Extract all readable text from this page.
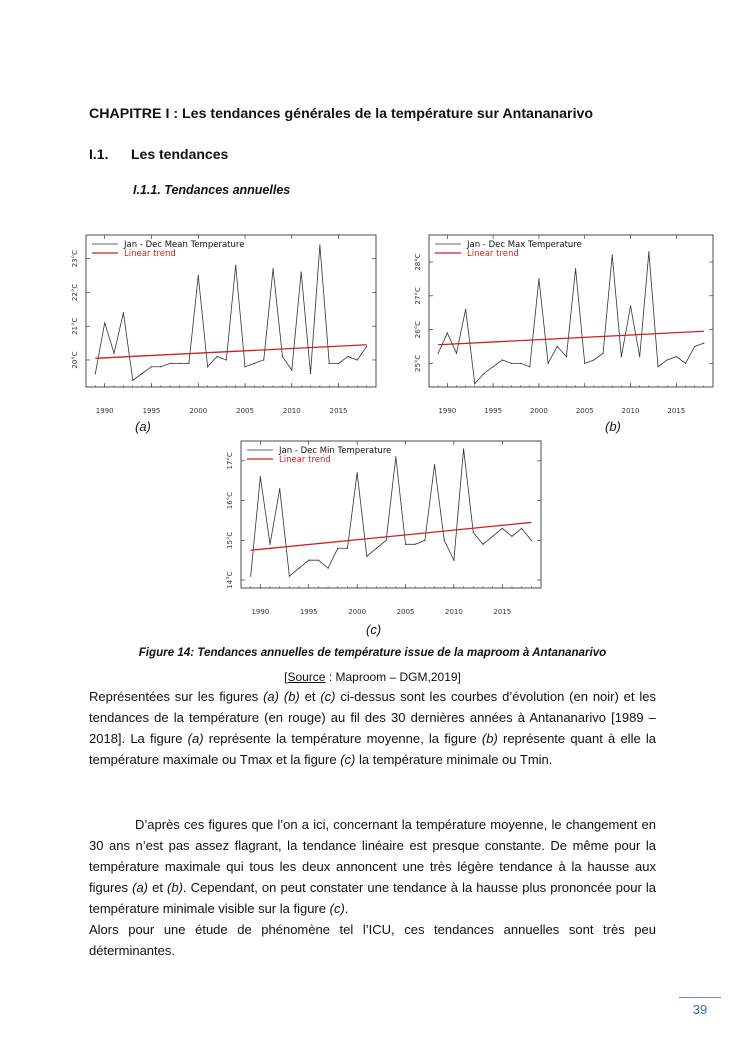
CHAPITRE I : Les tendances générales de la température sur Antananarivo
I.1. Les tendances
I.1.1. Tendances annuelles
1990	1995	2000	2005	2010	2015
20°C
21°C
22°C
23°C
Jan - Dec Mean Temperature
Linear trend
(a)
1990	1995	2000	2005	2010	2015
25°C
26°C
27°C
28°C
Jan - Dec Max Temperature
Linear trend
(b)
1990	1995	2000	2005	2010	2015
14°C
15°C
16°C
17°C
Jan - Dec Min Temperature
Linear trend
(c)
Figure 14: Tendances annuelles de température issue de la maproom à Antananarivo
[Source : Maproom – DGM,2019]

Représentées sur les figures (a) (b) et (c) ci-dessus sont les courbes d’évolution (en noir) et les tendances de la température (en rouge) au fil des 30 dernières années à Antananarivo [1989 – 2018]. La figure (a) représente la température moyenne, la figure (b) représente quant à elle la température maximale ou Tmax et la figure (c) la température minimale ou Tmin.

D’après ces figures que l’on a ici, concernant la température moyenne, le changement en 30 ans n’est pas assez flagrant, la tendance linéaire est presque constante. De même pour la température maximale qui tous les deux annoncent une très légère tendance à la hausse aux figures (a) et (b). Cependant, on peut constater une tendance à la hausse plus prononcée pour la température minimale visible sur la figure (c).

Alors pour une étude de phénomène tel l’ICU, ces tendances annuelles sont très peu déterminantes.

39
